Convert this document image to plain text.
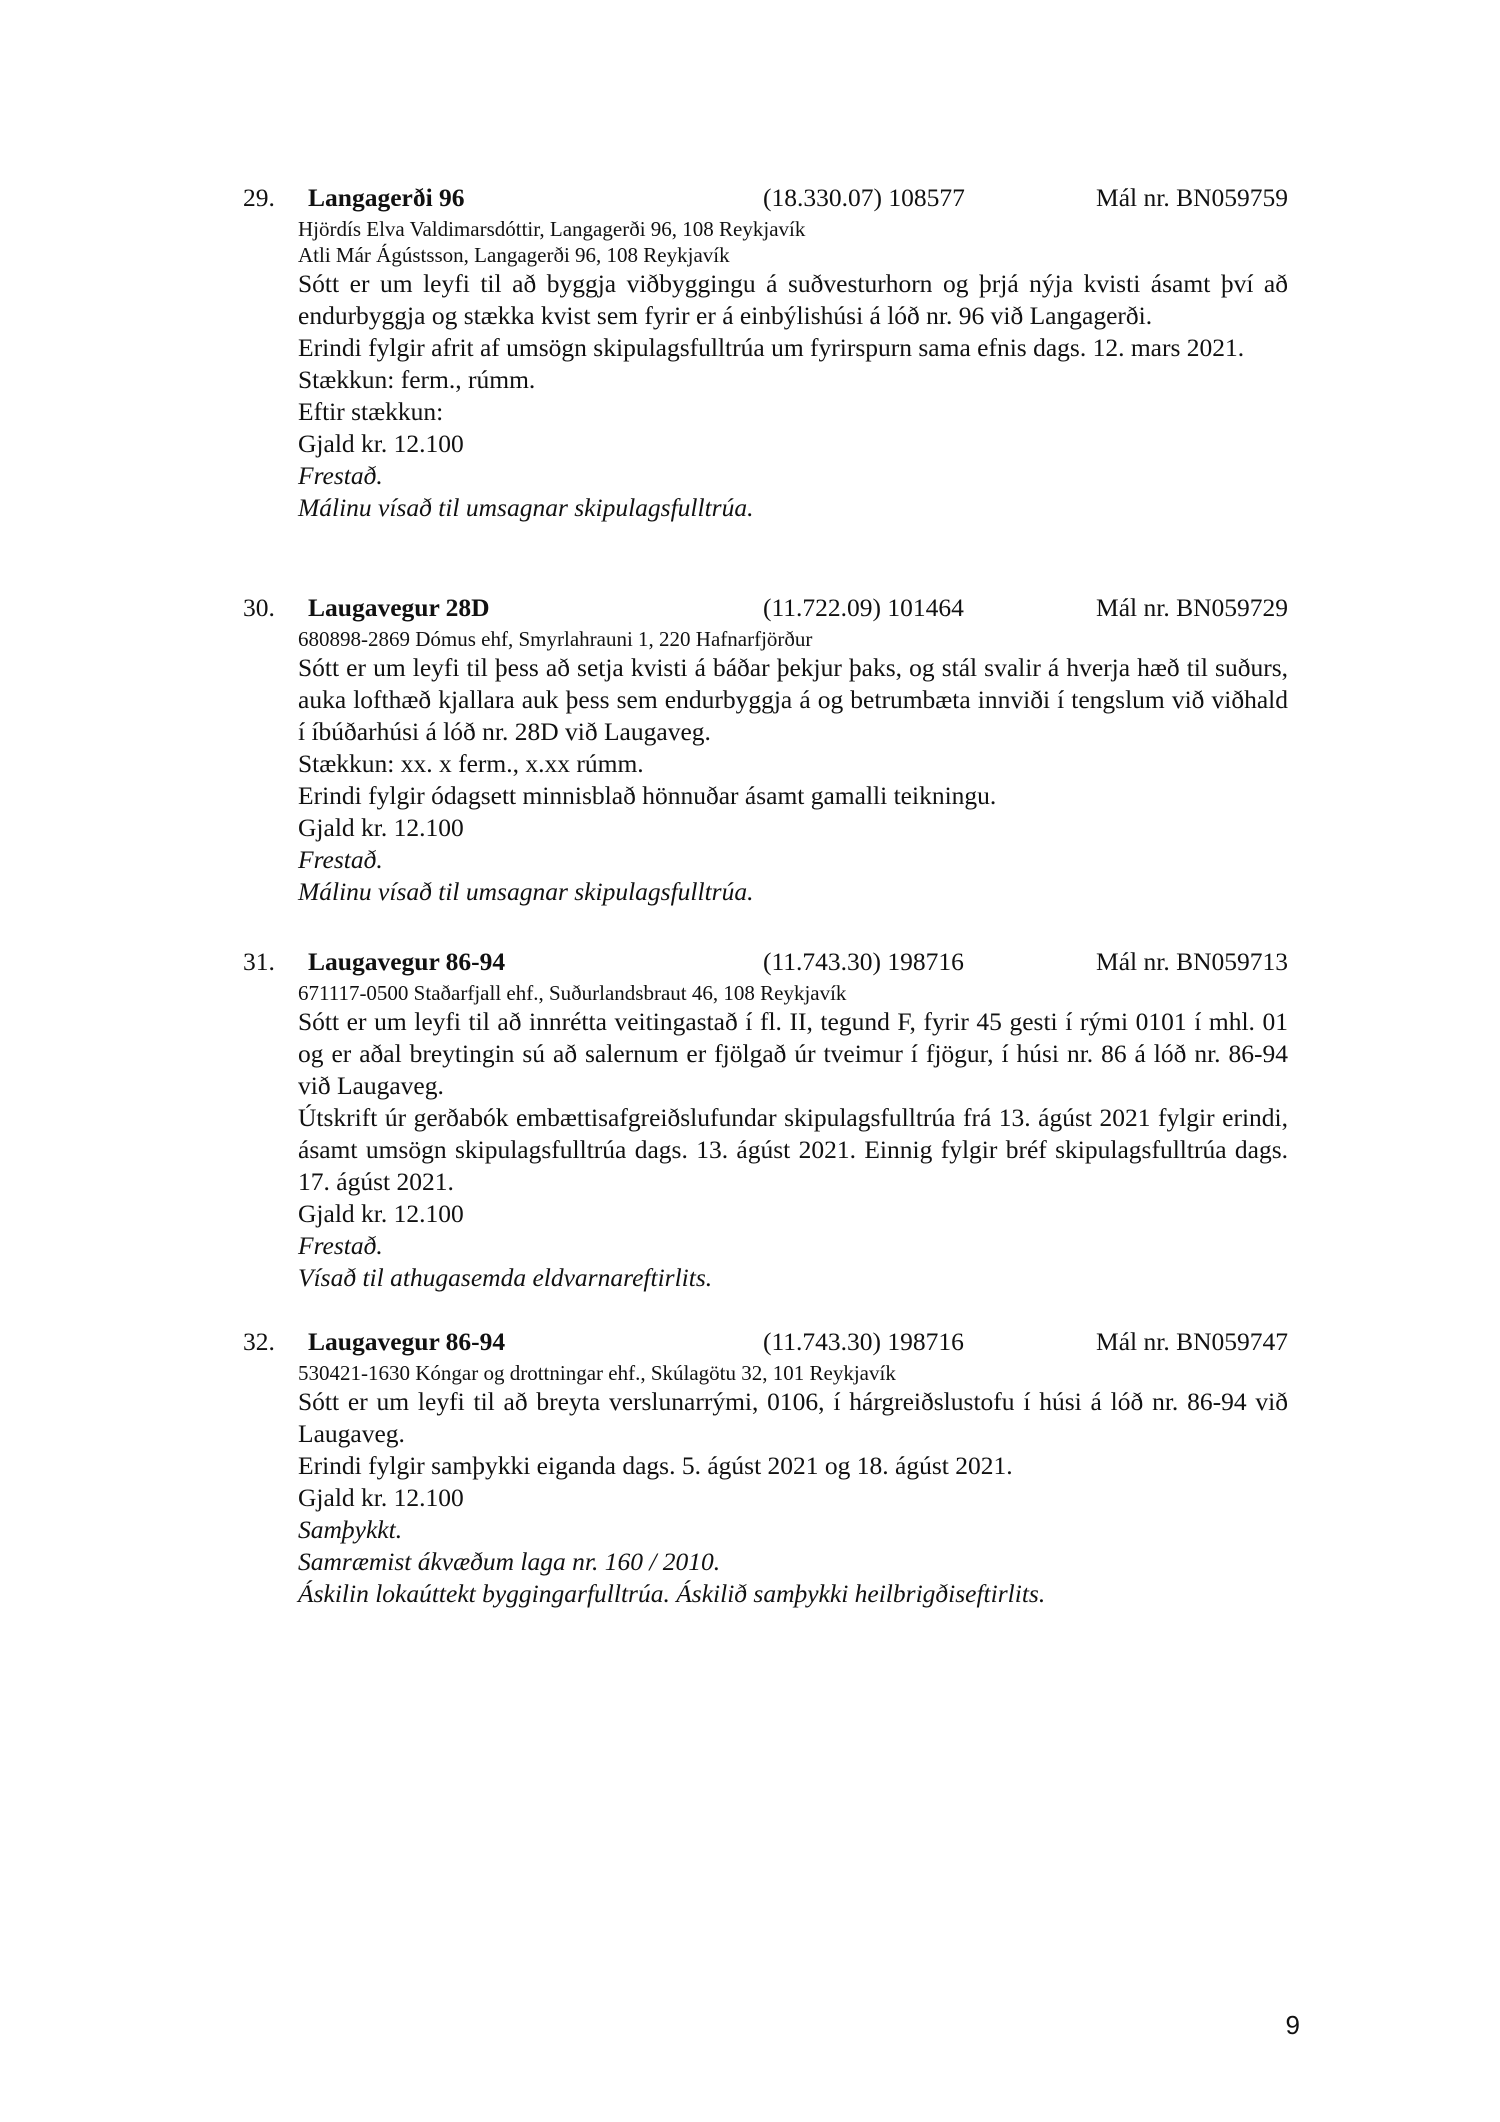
29. Langagerði 96	(18.330.07) 108577	Mál nr. BN059759
Hjördís Elva Valdimarsdóttir, Langagerði 96, 108 Reykjavík
Atli Már Ágústsson, Langagerði 96, 108 Reykjavík
Sótt er um leyfi til að byggja viðbyggingu á suðvesturhorn og þrjá nýja kvisti ásamt því að endurbyggja og stækka kvist sem fyrir er á einbýlishúsi á lóð nr. 96 við Langagerði.
Erindi fylgir afrit af umsögn skipulagsfulltrúa um fyrirspurn sama efnis dags. 12. mars 2021.
Stækkun: ferm., rúmm.
Eftir stækkun:
Gjald kr. 12.100
Frestað.
Málinu vísað til umsagnar skipulagsfulltrúa.
30. Laugavegur 28D	(11.722.09) 101464	Mál nr. BN059729
680898-2869 Dómus ehf, Smyrlahrauni 1, 220 Hafnarfjörður
Sótt er um leyfi til þess að setja kvisti á báðar þekjur þaks, og stál svalir á hverja hæð til suðurs, auka lofthæð kjallara auk þess sem endurbyggja á og betrumbæta innviði í tengslum við viðhald í íbúðarhúsi á lóð nr. 28D við Laugaveg.
Stækkun: xx. x ferm., x.xx rúmm.
Erindi fylgir ódagsett minnisblað hönnuðar ásamt gamalli teikningu.
Gjald kr. 12.100
Frestað.
Málinu vísað til umsagnar skipulagsfulltrúa.
31. Laugavegur 86-94	(11.743.30) 198716	Mál nr. BN059713
671117-0500 Staðarfjall ehf., Suðurlandsbraut 46, 108 Reykjavík
Sótt er um leyfi til að innrétta veitingastað í fl. II, tegund F, fyrir 45 gesti í rými 0101 í mhl. 01 og er aðal breytingin sú að salernum er fjölgað úr tveimur í fjögur, í húsi nr. 86 á lóð nr. 86-94 við Laugaveg.
Útskrift úr gerðabók embættisafgreiðslufundar skipulagsfulltrúa frá 13. ágúst 2021 fylgir erindi, ásamt umsögn skipulagsfulltrúa dags. 13. ágúst 2021. Einnig fylgir bréf skipulagsfulltrúa dags. 17. ágúst 2021.
Gjald kr. 12.100
Frestað.
Vísað til athugasemda eldvarnareftirlits.
32. Laugavegur 86-94	(11.743.30) 198716	Mál nr. BN059747
530421-1630 Kóngar og drottningar ehf., Skúlagötu 32, 101 Reykjavík
Sótt er um leyfi til að breyta verslunarrými, 0106, í hárgreiðslustofu í húsi á lóð nr. 86-94 við Laugaveg.
Erindi fylgir samþykki eiganda dags. 5. ágúst 2021 og 18. ágúst 2021.
Gjald kr. 12.100
Samþykkt.
Samræmist ákvæðum laga nr. 160 / 2010.
Áskilin lokaúttekt byggingarfulltrúa. Áskilið samþykki heilbrigðiseftirlits.
9
